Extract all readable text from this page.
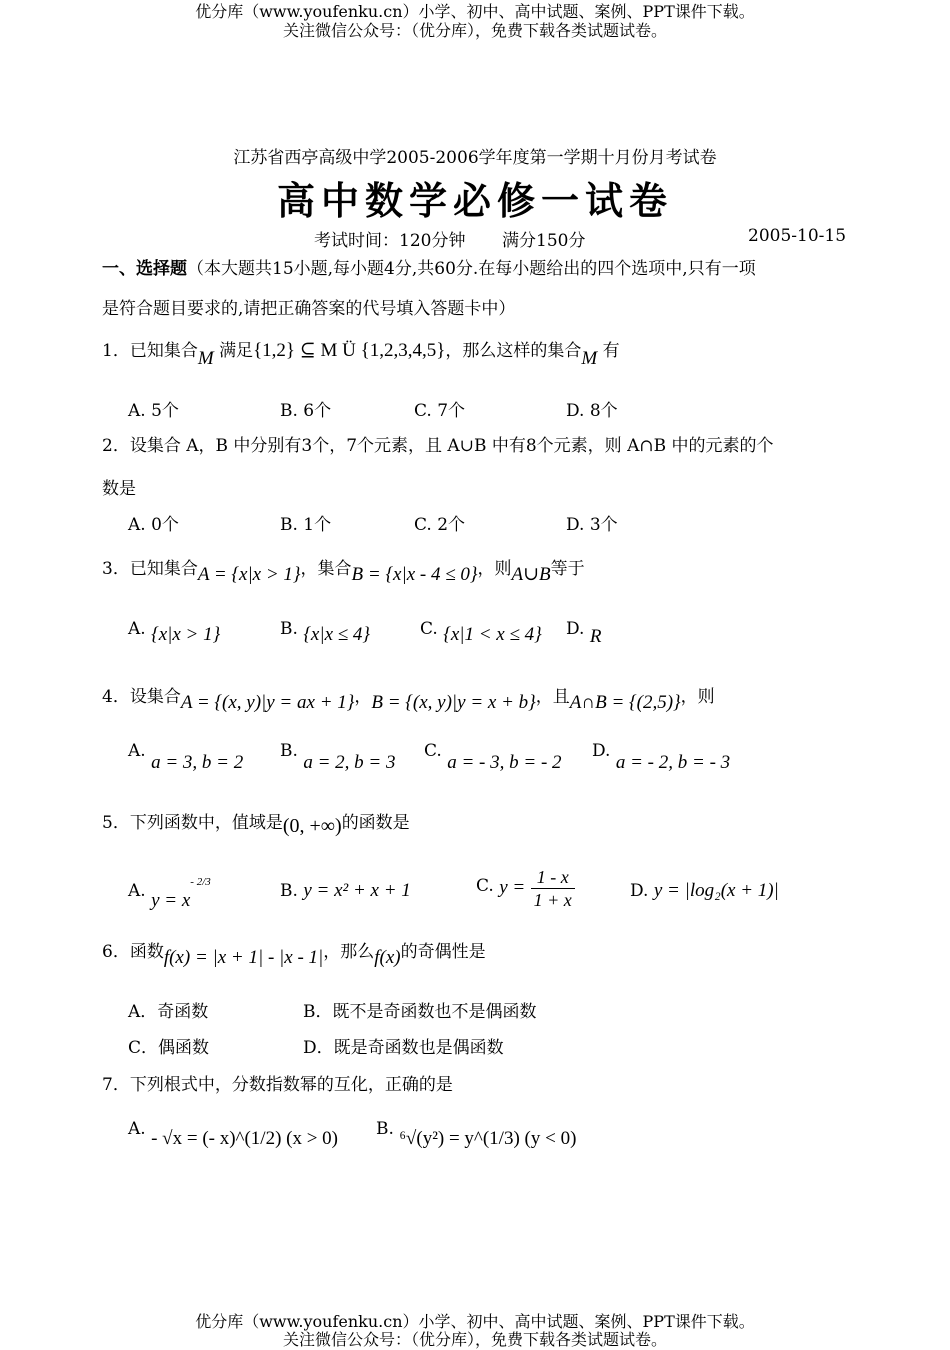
优分库（www.youfenku.cn）小学、初中、高中试题、案例、PPT课件下载。
关注微信公众号：（优分库），免费下载各类试题试卷。
江苏省西亭高级中学2005-2006学年度第一学期十月份月考试卷
高中数学必修一试卷
考试时间：120分钟 满分150分	2005-10-15
一、选择题（本大题共15小题,每小题4分,共60分.在每小题给出的四个选项中,只有一项
是符合题目要求的,请把正确答案的代号填入答题卡中）
1．已知集合M 满足{1,2} ⊆ M Ü {1,2,3,4,5}，那么这样的集合M 有
A. 5个	B. 6个	C. 7个	D. 8个
2．设集合 A，B 中分别有3个，7个元素，且 A∪B 中有8个元素，则 A∩B 中的元素的个
数是
A. 0个	B. 1个	C. 2个	D. 3个
3．已知集合A = {x|x > 1}，集合B = {x|x - 4 ≤ 0}，则A∪B等于
A. {x|x > 1}	B. {x|x ≤ 4}	C. {x|1 < x ≤ 4} D. R
4．设集合A = {(x, y)|y = ax + 1}，B = {(x, y)|y = x + b}，且A∩B = {(2,5)}，则
A. a = 3, b = 2
B. a = 2, b = 3
C. a = - 3, b = - 2
D. a = - 2, b = - 3
5．下列函数中，值域是(0, +∞)的函数是
A. $y = x^{- 2/3}$	B. y = x² + x + 1	C. $y = \frac{1 - x}{1 + x}$	D. y = |log₂(x + 1)|
6．函数f(x) = |x + 1| - |x - 1|，那么f(x)的奇偶性是
A．奇函数	B．既不是奇函数也不是偶函数
C．偶函数	D．既是奇函数也是偶函数
7．下列根式中，分数指数幂的互化，正确的是
A. - √x = (- x)^(1/2) (x > 0) B. ⁶√(y²) = y^(1/3) (y < 0)
优分库（www.youfenku.cn）小学、初中、高中试题、案例、PPT课件下载。
关注微信公众号：（优分库），免费下载各类试题试卷。
